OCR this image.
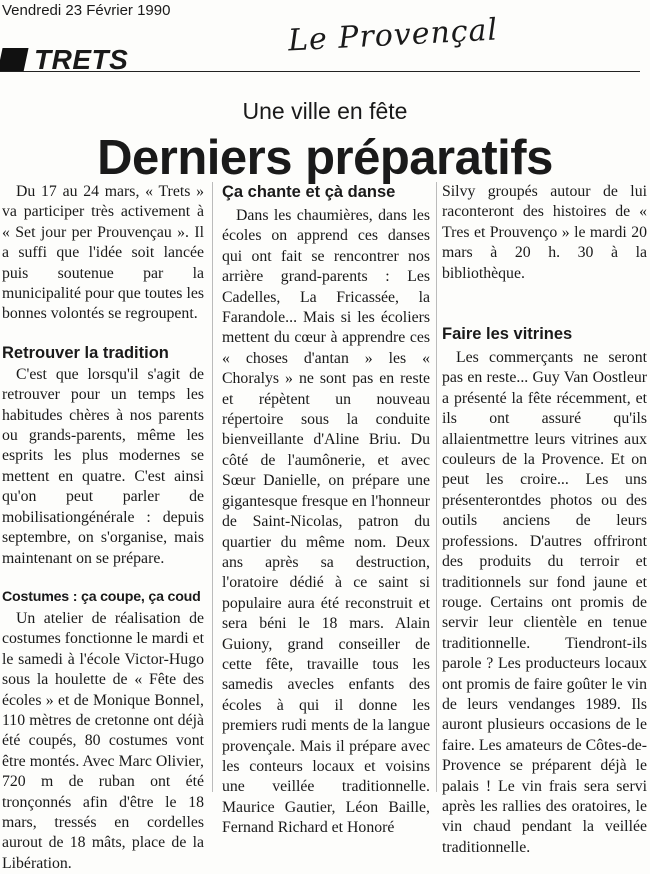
Vendredi 23 Février 1990
Le Provençal
TRETS
Une ville en fête
Derniers préparatifs

Du 17 au 24 mars, « Trets » va participer très activement à « Set jour per Prouvençau ». Il a suffi que l'idée soit lancée puis soutenue par la municipalité pour que toutes les bonnes volontés se regroupent.

Retrouver la tradition

C'est que lorsqu'il s'agit de retrouver pour un temps les habitudes chères à nos parents ou grands-parents, même les esprits les plus modernes se mettent en quatre. C'est ainsi qu'on peut parler de mobilisationgénérale : depuis septembre, on s'organise, mais maintenant on se prépare.

Costumes : ça coupe, ça coud

Un atelier de réalisation de costumes fonctionne le mardi et le samedi à l'école Victor-Hugo sous la houlette de « Fête des écoles » et de Monique Bonnel, 110 mètres de cretonne ont déjà été coupés, 80 costumes vont être montés. Avec Marc Olivier, 720 m de ruban ont été tronçonnés afin d'être le 18 mars, tressés en cordelles aurout de 18 mâts, place de la Libération.

Ça chante et çà danse

Dans les chaumières, dans les écoles on apprend ces danses qui ont fait se rencontrer nos arrière grand-parents : Les Cadelles, La Fricassée, la Farandole... Mais si les écoliers mettent du cœur à apprendre ces « choses d'antan » les « Choralys » ne sont pas en reste et répètent un nouveau répertoire sous la conduite bienveillante d'Aline Briu. Du côté de l'aumônerie, et avec Sœur Danielle, on prépare une gigantesque fresque en l'honneur de Saint-Nicolas, patron du quartier du même nom. Deux ans après sa destruction, l'oratoire dédié à ce saint si populaire aura été reconstruit et sera béni le 18 mars. Alain Guiony, grand conseiller de cette fête, travaille tous les samedis avecles enfants des écoles à qui il donne les premiers rudi ments de la langue provençale. Mais il prépare avec les conteurs locaux et voisins une veillée traditionnelle. Maurice Gautier, Léon Baille, Fernand Richard et Honoré

Silvy groupés autour de lui raconteront des histoires de « Tres et Prouvenço » le mardi 20 mars à 20 h. 30 à la bibliothèque.

Faire les vitrines

Les commerçants ne seront pas en reste... Guy Van Oostleur a présenté la fête récemment, et ils ont assuré qu'ils allaientmettre leurs vitrines aux couleurs de la Provence. Et on peut les croire... Les uns présenterontdes photos ou des outils anciens de leurs professions. D'autres offriront des produits du terroir et traditionnels sur fond jaune et rouge. Certains ont promis de servir leur clientèle en tenue traditionnelle. Tiendront-ils parole ? Les producteurs locaux ont promis de faire goûter le vin de leurs vendanges 1989. Ils auront plusieurs occasions de le faire. Les amateurs de Côtes-de-Provence se préparent déjà le palais ! Le vin frais sera servi après les rallies des oratoires, le vin chaud pendant la veillée traditionnelle.
